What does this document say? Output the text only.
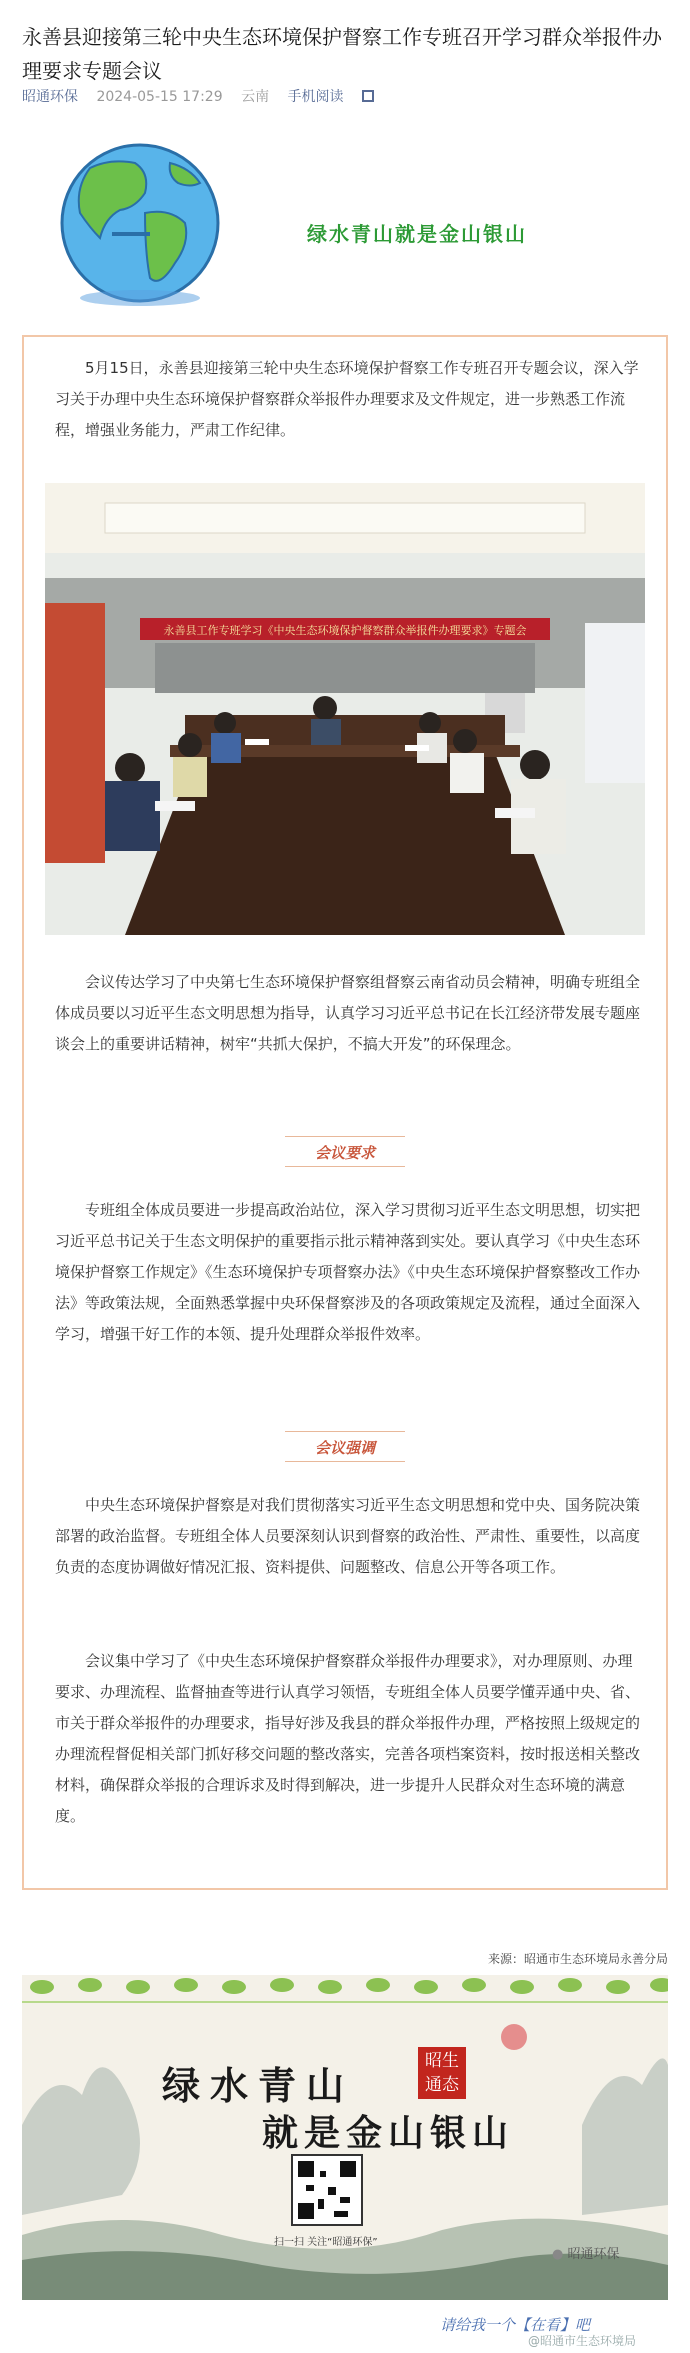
永善县迎接第三轮中央生态环境保护督察工作专班召开学习群众举报件办理要求专题会议
昭通环保 2024-05-15 17:29 云南 手机阅读
绿水青山就是金山银山
5月15日，永善县迎接第三轮中央生态环境保护督察工作专班召开专题会议，深入学习关于办理中央生态环境保护督察群众举报件办理要求及文件规定，进一步熟悉工作流程，增强业务能力，严肃工作纪律。
永善县工作专班学习《中央生态环境保护督察群众举报件办理要求》专题会
会议传达学习了中央第七生态环境保护督察组督察云南省动员会精神，明确专班组全体成员要以习近平生态文明思想为指导，认真学习习近平总书记在长江经济带发展专题座谈会上的重要讲话精神，树牢“共抓大保护，不搞大开发”的环保理念。
会议要求
专班组全体成员要进一步提高政治站位，深入学习贯彻习近平生态文明思想，切实把习近平总书记关于生态文明保护的重要指示批示精神落到实处。要认真学习《中央生态环境保护督察工作规定》《生态环境保护专项督察办法》《中央生态环境保护督察整改工作办法》等政策法规，全面熟悉掌握中央环保督察涉及的各项政策规定及流程，通过全面深入学习，增强干好工作的本领、提升处理群众举报件效率。
会议强调
中央生态环境保护督察是对我们贯彻落实习近平生态文明思想和党中央、国务院决策部署的政治监督。专班组全体人员要深刻认识到督察的政治性、严肃性、重要性，以高度负责的态度协调做好情况汇报、资料提供、问题整改、信息公开等各项工作。
会议集中学习了《中央生态环境保护督察群众举报件办理要求》，对办理原则、办理要求、办理流程、监督抽查等进行认真学习领悟，专班组全体人员要学懂弄通中央、省、市关于群众举报件的办理要求，指导好涉及我县的群众举报件办理，严格按照上级规定的办理流程督促相关部门抓好移交问题的整改落实，完善各项档案资料，按时报送相关整改材料，确保群众举报的合理诉求及时得到解决，进一步提升人民群众对生态环境的满意度。
来源：昭通市生态环境局永善分局
绿水青山
昭生通态
就是金山银山
扫一扫 关注“昭通环保”
● 昭通环保
请给我一个【在看】吧
@昭通市生态环境局
